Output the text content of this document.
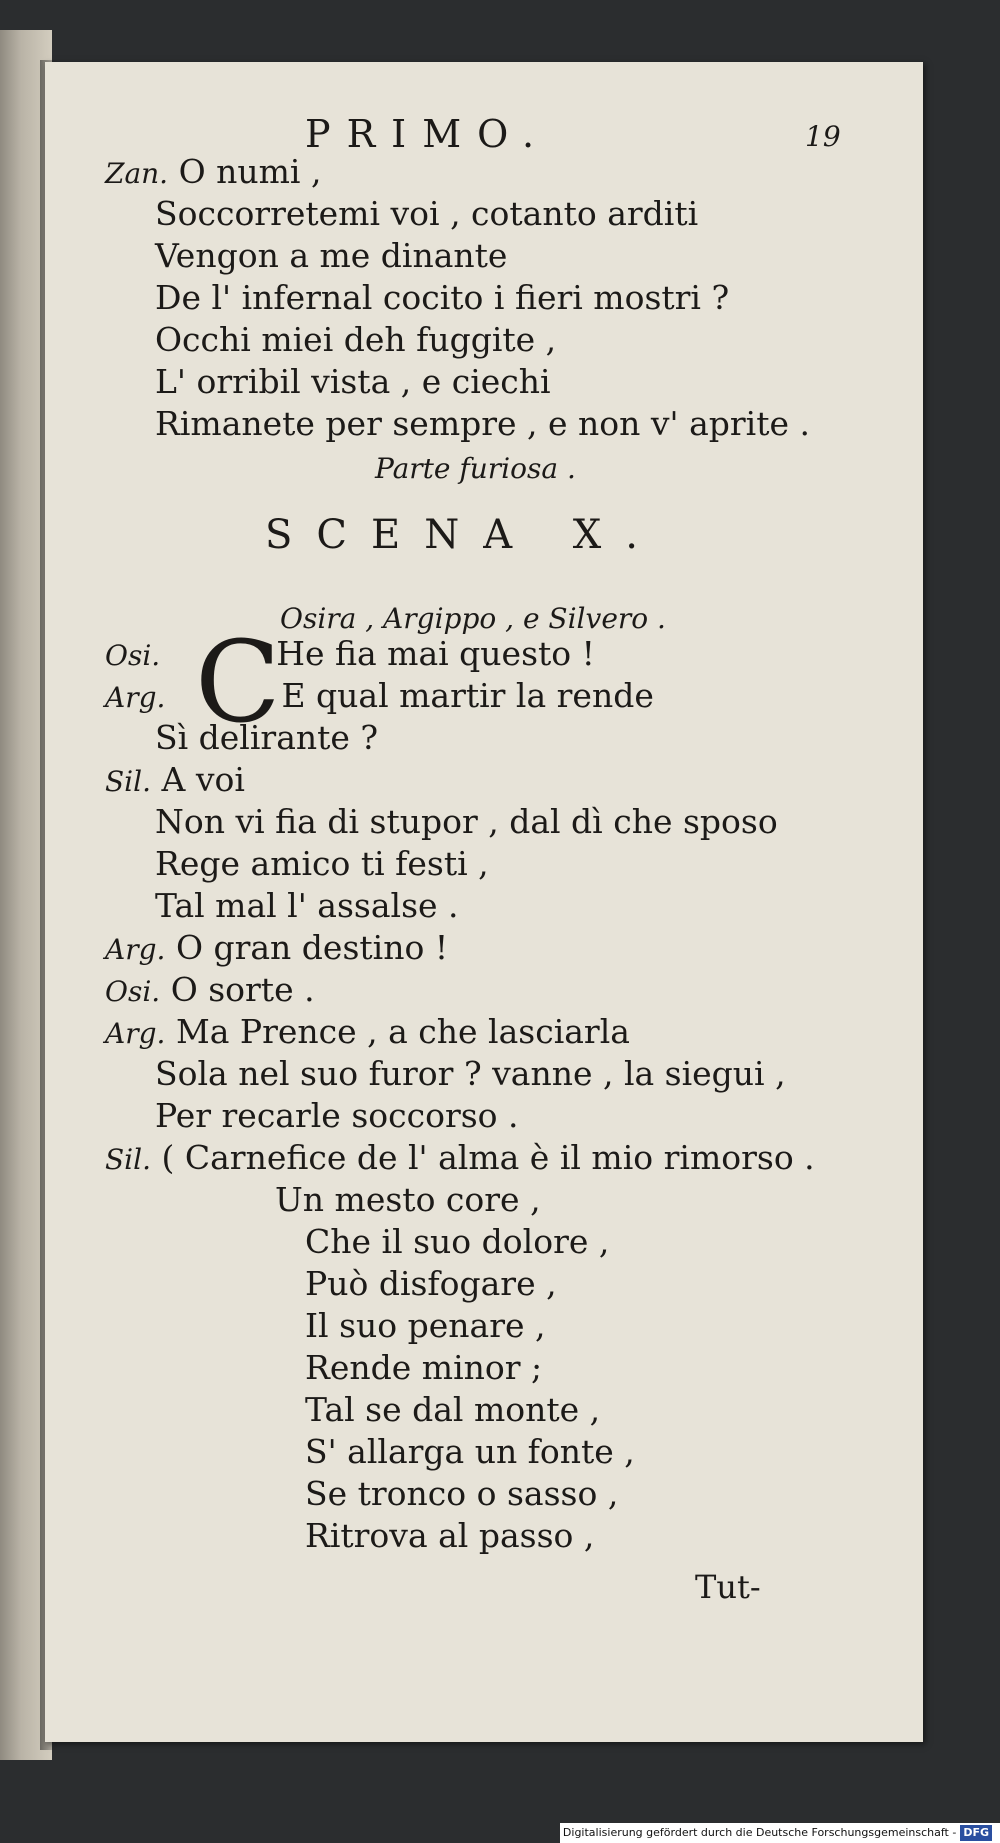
PRIMO.	19
Zan. O numi ,
Soccorretemi voi , cotanto arditi
Vengon a me dinante
De l' infernal cocito i fieri mostri ?
Occhi miei deh fuggite ,
L' orribil vista , e ciechi
Rimanete per sempre , e non v' aprite .
Parte furiosa .
SCENA X.
Osira , Argippo , e Silvero .
C
Osi.	He fia mai questo !
Arg.	E qual martir la rende
Sì delirante ?
Sil. A voi
Non vi fia di stupor , dal dì che sposo
Rege amico ti festi ,
Tal mal l' assalse .
Arg. O gran destino !
Osi. O sorte .
Arg. Ma Prence , a che lasciarla
Sola nel suo furor ? vanne , la siegui ,
Per recarle soccorso .
Sil. ( Carnefice de l' alma è il mio rimorso .
Un mesto core ,
Che il suo dolore ,
Può disfogare ,
Il suo penare ,
Rende minor ;
Tal se dal monte ,
S' allarga un fonte ,
Se tronco o sasso ,
Ritrova al passo ,
Tut-
Digitalisierung gefördert durch die Deutsche Forschungsgemeinschaft - DFG
